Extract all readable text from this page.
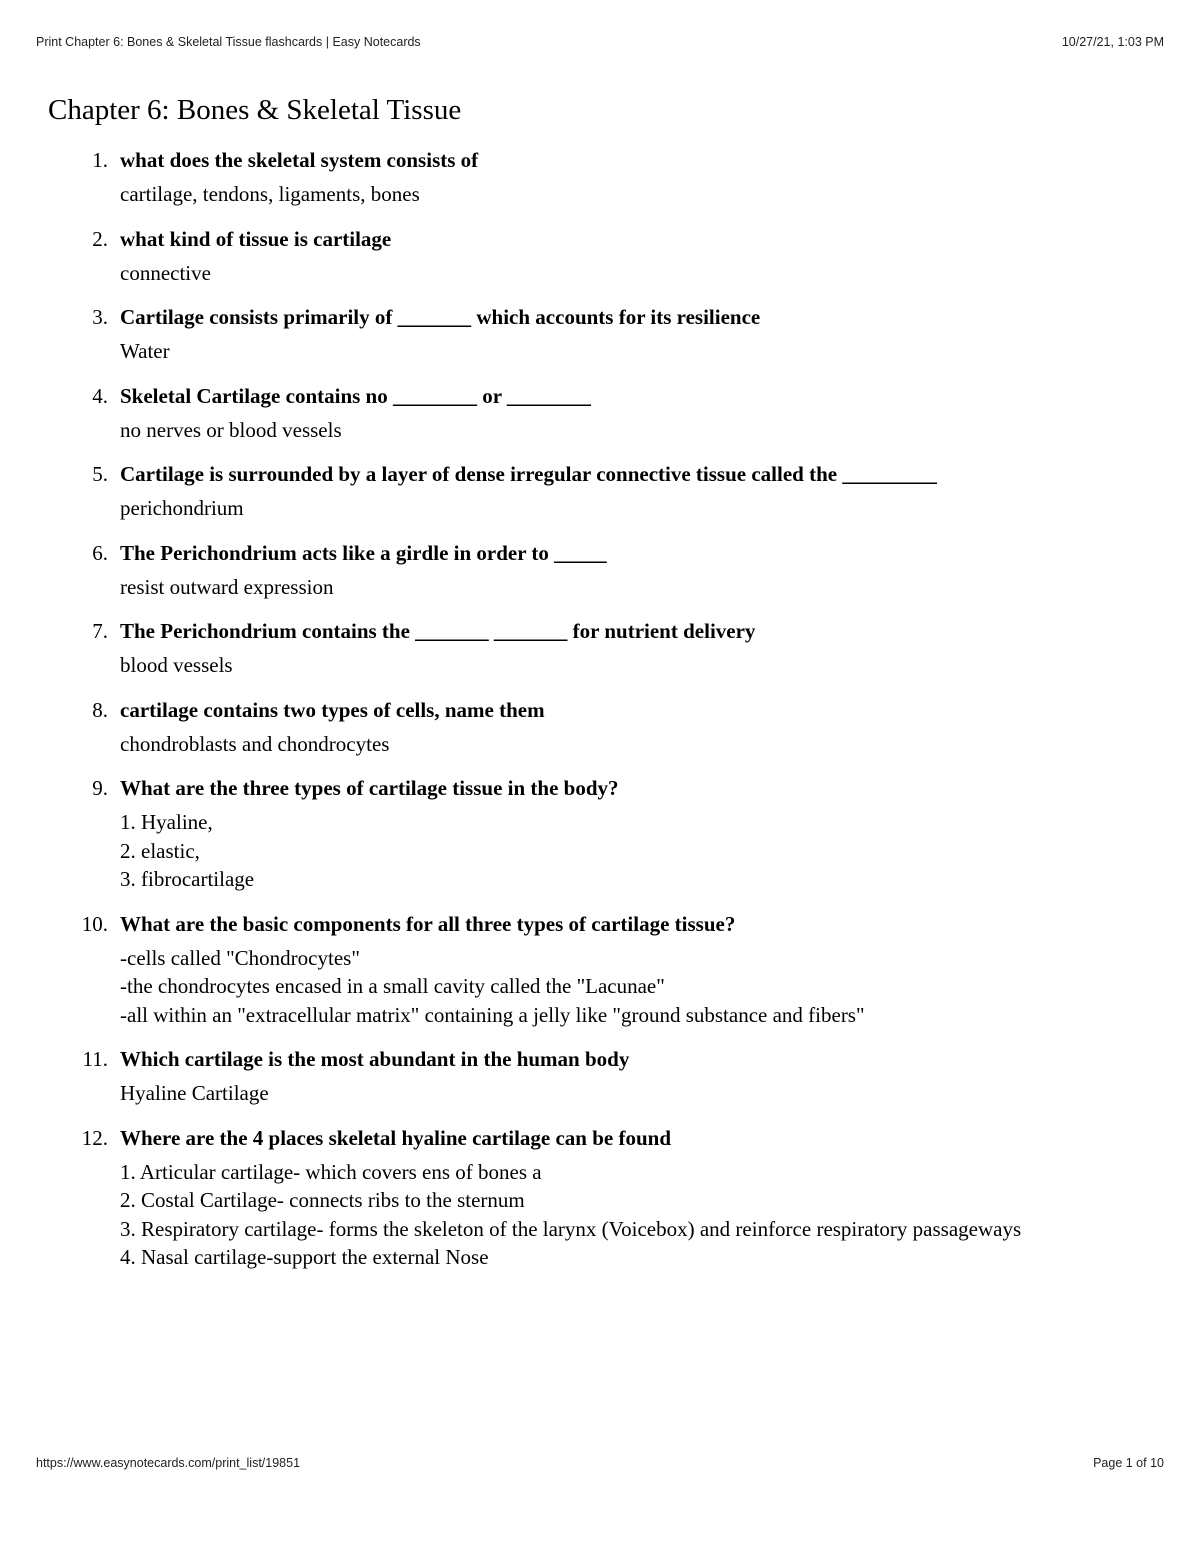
Print Chapter 6: Bones & Skeletal Tissue flashcards | Easy Notecards	10/27/21, 1:03 PM
Chapter 6: Bones & Skeletal Tissue
1. what does the skeletal system consists of
cartilage, tendons, ligaments, bones
2. what kind of tissue is cartilage
connective
3. Cartilage consists primarily of _______ which accounts for its resilience
Water
4. Skeletal Cartilage contains no ________ or ________
no nerves or blood vessels
5. Cartilage is surrounded by a layer of dense irregular connective tissue called the _________
perichondrium
6. The Perichondrium acts like a girdle in order to _____
resist outward expression
7. The Perichondrium contains the _______ _______ for nutrient delivery
blood vessels
8. cartilage contains two types of cells, name them
chondroblasts and chondrocytes
9. What are the three types of cartilage tissue in the body?
1. Hyaline,
2. elastic,
3. fibrocartilage
10. What are the basic components for all three types of cartilage tissue?
-cells called "Chondrocytes"
-the chondrocytes encased in a small cavity called the "Lacunae"
-all within an "extracellular matrix" containing a jelly like "ground substance and fibers"
11. Which cartilage is the most abundant in the human body
Hyaline Cartilage
12. Where are the 4 places skeletal hyaline cartilage can be found
1. Articular cartilage- which covers ens of bones a
2. Costal Cartilage- connects ribs to the sternum
3. Respiratory cartilage- forms the skeleton of the larynx (Voicebox) and reinforce respiratory passageways
4. Nasal cartilage-support the external Nose
https://www.easynotecards.com/print_list/19851	Page 1 of 10
